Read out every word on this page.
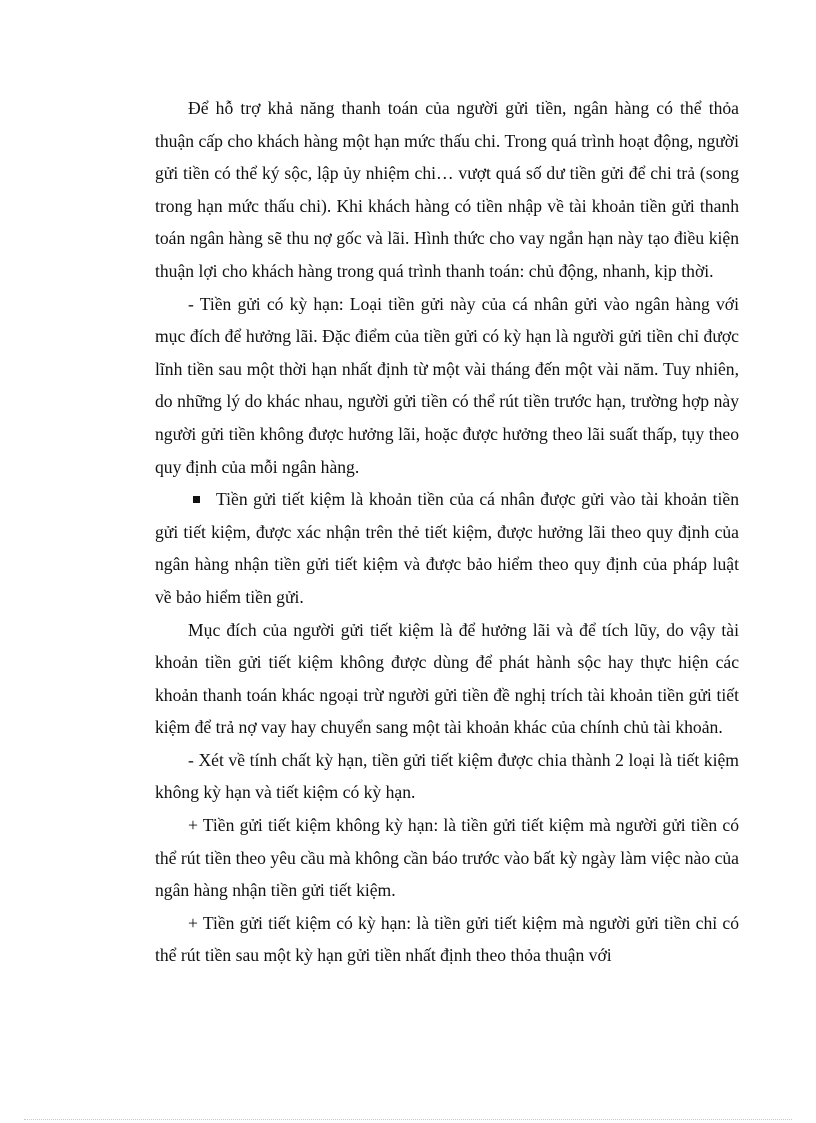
Để hỗ trợ khả năng thanh toán của người gửi tiền, ngân hàng có thể thỏa thuận cấp cho khách hàng một hạn mức thấu chi. Trong quá trình hoạt động, người gửi tiền có thể ký sộc, lập ủy nhiệm chi… vượt quá số dư tiền gửi để chi trả (song trong hạn mức thấu chi). Khi khách hàng có tiền nhập về tài khoản tiền gửi thanh toán ngân hàng sẽ thu nợ gốc và lãi. Hình thức cho vay ngắn hạn này tạo điều kiện thuận lợi cho khách hàng trong quá trình thanh toán: chủ động, nhanh, kịp thời.

- Tiền gửi có kỳ hạn: Loại tiền gửi này của cá nhân gửi vào ngân hàng với mục đích để hưởng lãi. Đặc điểm của tiền gửi có kỳ hạn là người gửi tiền chỉ được lĩnh tiền sau một thời hạn nhất định từ một vài tháng đến một vài năm. Tuy nhiên, do những lý do khác nhau, người gửi tiền có thể rút tiền trước hạn, trường hợp này người gửi tiền không được hưởng lãi, hoặc được hưởng theo lãi suất thấp, tụy theo quy định của mỗi ngân hàng.

Tiền gửi tiết kiệm là khoản tiền của cá nhân được gửi vào tài khoản tiền gửi tiết kiệm, được xác nhận trên thẻ tiết kiệm, được hưởng lãi theo quy định của ngân hàng nhận tiền gửi tiết kiệm và được bảo hiểm theo quy định của pháp luật về bảo hiểm tiền gửi.

Mục đích của người gửi tiết kiệm là để hưởng lãi và để tích lũy, do vậy tài khoản tiền gửi tiết kiệm không được dùng để phát hành sộc hay thực hiện các khoản thanh toán khác ngoại trừ người gửi tiền đề nghị trích tài khoản tiền gửi tiết kiệm để trả nợ vay hay chuyển sang một tài khoản khác của chính chủ tài khoản.

- Xét về tính chất kỳ hạn, tiền gửi tiết kiệm được chia thành 2 loại là tiết kiệm không kỳ hạn và tiết kiệm có kỳ hạn.

+ Tiền gửi tiết kiệm không kỳ hạn: là tiền gửi tiết kiệm mà người gửi tiền có thể rút tiền theo yêu cầu mà không cần báo trước vào bất kỳ ngày làm việc nào của ngân hàng nhận tiền gửi tiết kiệm.

+ Tiền gửi tiết kiệm có kỳ hạn: là tiền gửi tiết kiệm mà người gửi tiền chỉ có thể rút tiền sau một kỳ hạn gửi tiền nhất định theo thỏa thuận với
